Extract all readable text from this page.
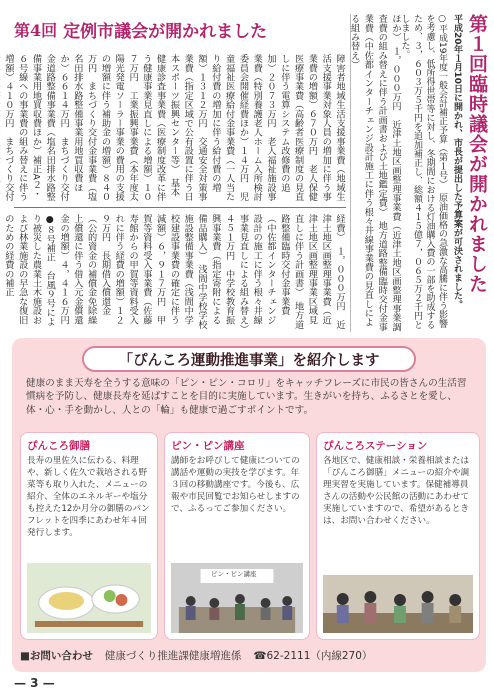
第4回 定例市議会が開かれました
障害者地域生活支援事業費（地域生活支援事業対象人員の増加に伴う事業費の増額）６７０万円　老人保健医療事業費（高齢者医療制度の見直しに伴う電算システム改修費の追加）２０７３万円　老人福祉施設事業費（特別養護老人ホーム入所検討委員会開催経費ほか）１４万円　児童福祉医療給付金事業費（一人当たり給付費の増加に伴う給付費の増額）１３１２万円　交通安全対策事業費（指定区域で公有設置に伴う日本スポーツ振興センター等）　基本健康診査事業費（医療制度改革に伴う健康事業見直しによる増額）１０７万円　工業振興事業費（本年度太陽光発電ソーラー事業の費用の支援の増額に伴う補助金の増額）８４０万円　まちづくり交付金事業費（塩名田排水路整備事業用地買収費ほか）６６１４万円　まちづくり交付金道路整備事業費（塩名田排水路整備事業用地買収費ほか）補正A２・６号線への事業費の組み替えに伴う増額）４１０万円　まちづくり交付
経費）　１，０００万円　近津土地区画整理事業費（近津土地区画整理事業区域見直しに伴う計画書）　地方道路整備臨時交付金事業費（中佐都インターチェンジ設計の施工に伴う根々井線事業見直しによる組み替え）４５１万円　中学校教育振興事業費（指定寄附による備品購入）　浅間中学校学校施設整備事業費（浅間中学校建設事業費の確定に伴う減額）６，９１７万円　甲賀等資料受入事業費（佐藤寿館からの甲賀等資料受入れに伴う経費の増額）１２９万円　長期借入償還金（公的資金の補償金免除繰上償還に伴う借入元金償還金の増額）４，４１６万円　●８号補正　台風９号により被災した農業土木施設および林業施設の早急な復旧のための経費の補正	ほか）　１，０００万円　近津土地区画整理事業費（近津土地区画整理事業調査費の組み替えに伴う計画書および土地鑑定費）　地方道路整備臨時交付金事業費（中佐都インターチェンジ設計施工に伴う根々井線事業費の見直しによる組み替え）	第１回臨時議会が開かれました
平成20年１月10日に開かれ、市長が提出した予算案が可決されました。
○平成19年度一般会計補正予算（第１号）　原油価格の急激な高騰に伴う影響を考慮し、低所得世帯等に対し、冬期間における灯油購入費の一部を助成するため、３，６０３万５千円を追加補正し、総額４１５億７，０６５万２千円としました。
「ぴんころ運動推進事業」を紹介します
健康のまま天寿を全うする意味の「ピン・ピン・コロリ」をキャッチフレーズに市民の皆さんの生活習慣病を予防し、健康長寿を延ばすことを目的に実施しています。生きがいを持ち、ふるさとを愛し、体・心・手を動かし、人との「輪」も健康で過ごすポイントです。
ぴんころ御膳
長寿の里佐久に伝わる、料理や、新しく佐久で栽培される野菜等も取り入れた、メニューの紹介、全体のエネルギーや塩分も控えた12か月分の御膳のパンフレットを四季にあわせ年４回発行します。
ピン・ピン講座
講師をお呼びして健康についての講話や運動の実技を学びます。年３回の移動講座です。今後も、広報や市民回覧でお知らせしますので、ふるってご参加ください。
ピン・ピン講座
ぴんころステーション
各地区で、健康相談・栄養相談または「ぴんころ御膳」メニューの紹介や調理実習を実施しています。保健補導員さんの活動や公民館の活動にあわせて実施していますので、希望があるときは、お問い合わせください。
■お問い合わせ 健康づくり推進課健康増進係 ☎62-2111（内線270）
— 3 —
